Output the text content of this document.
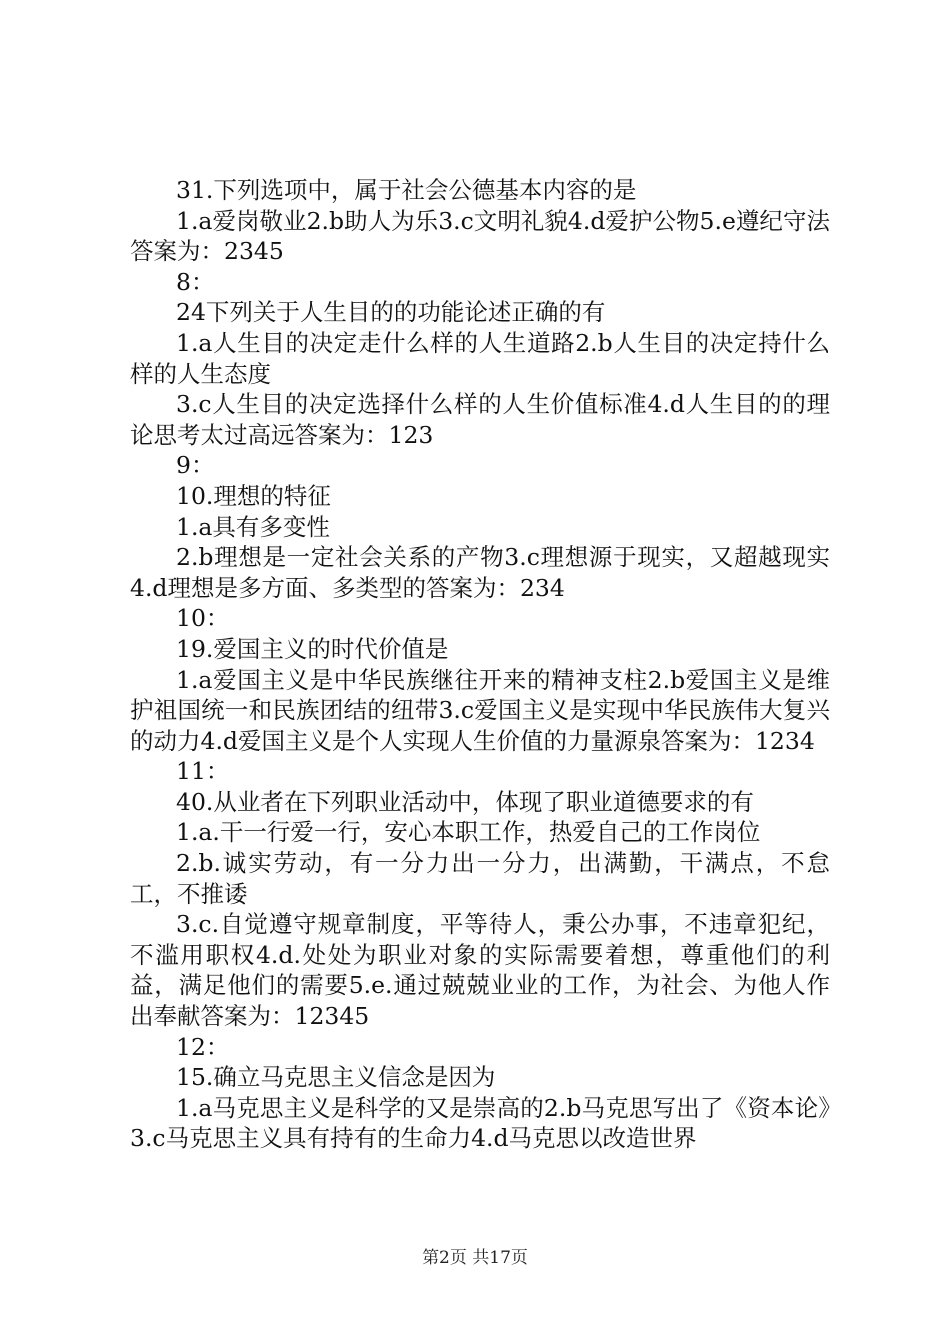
31.下列选项中，属于社会公德基本内容的是

1.a爱岗敬业2.b助人为乐3.c文明礼貌4.d爱护公物5.e遵纪守法答案为：2345

8：

24下列关于人生目的的功能论述正确的有

1.a人生目的决定走什么样的人生道路2.b人生目的决定持什么样的人生态度

3.c人生目的决定选择什么样的人生价值标准4.d人生目的的理论思考太过高远答案为：123

9：

10.理想的特征

1.a具有多变性

2.b理想是一定社会关系的产物3.c理想源于现实，又超越现实4.d理想是多方面、多类型的答案为：234

10：

19.爱国主义的时代价值是

1.a爱国主义是中华民族继往开来的精神支柱2.b爱国主义是维护祖国统一和民族团结的纽带3.c爱国主义是实现中华民族伟大复兴的动力4.d爱国主义是个人实现人生价值的力量源泉答案为：1234

11：

40.从业者在下列职业活动中，体现了职业道德要求的有

1.a.干一行爱一行，安心本职工作，热爱自己的工作岗位

2.b.诚实劳动，有一分力出一分力，出满勤，干满点，不怠工，不推诿

3.c.自觉遵守规章制度，平等待人，秉公办事，不违章犯纪，不滥用职权4.d.处处为职业对象的实际需要着想，尊重他们的利益，满足他们的需要5.e.通过兢兢业业的工作，为社会、为他人作出奉献答案为：12345

12：

15.确立马克思主义信念是因为

1.a马克思主义是科学的又是崇高的2.b马克思写出了《资本论》3.c马克思主义具有持有的生命力4.d马克思以改造世界

第2页 共17页
